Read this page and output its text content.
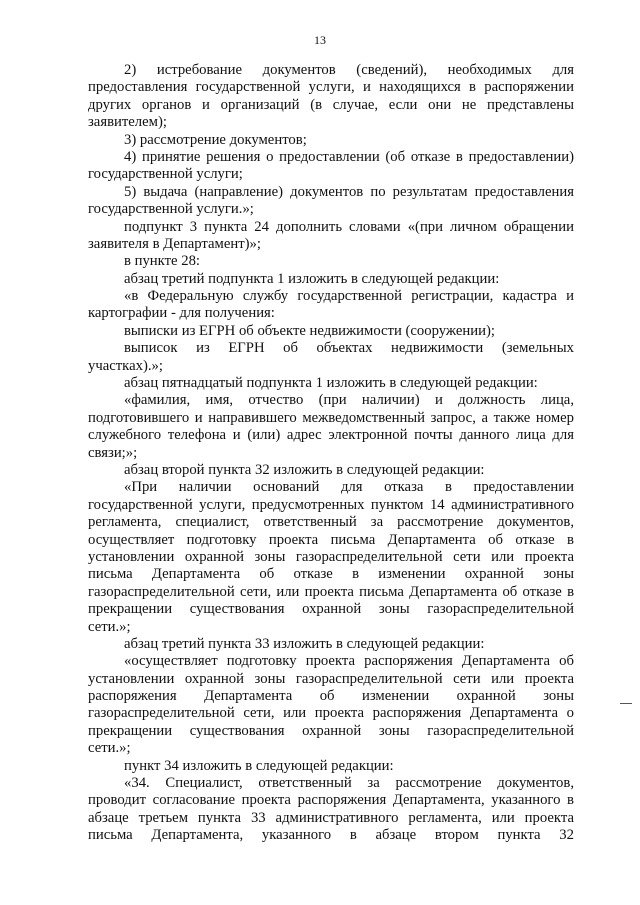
13
2) истребование документов (сведений), необходимых для
предоставления государственной услуги, и находящихся в распоряжении
других органов и организаций (в случае, если они не представлены
заявителем);
3) рассмотрение документов;
4) принятие решения о предоставлении (об отказе в предоставлении)
государственной услуги;
5) выдача (направление) документов по результатам предоставления
государственной услуги.»;
подпункт 3 пункта 24 дополнить словами «(при личном обращении
заявителя в Департамент)»;
в пункте 28:
абзац третий подпункта 1 изложить в следующей редакции:
«в Федеральную службу государственной регистрации, кадастра и
картографии - для получения:
выписки из ЕГРН об объекте недвижимости (сооружении);
выписок из ЕГРН об объектах недвижимости (земельных
участках).»;
абзац пятнадцатый подпункта 1 изложить в следующей редакции:
«фамилия, имя, отчество (при наличии) и должность лица,
подготовившего и направившего межведомственный запрос, а также номер
служебного телефона и (или) адрес электронной почты данного лица для
связи;»;
абзац второй пункта 32 изложить в следующей редакции:
«При наличии оснований для отказа в предоставлении
государственной услуги, предусмотренных пунктом 14 административного
регламента, специалист, ответственный за рассмотрение документов,
осуществляет подготовку проекта письма Департамента об отказе в
установлении охранной зоны газораспределительной сети или проекта
письма Департамента об отказе в изменении охранной зоны
газораспределительной сети, или проекта письма Департамента об отказе в
прекращении существования охранной зоны газораспределительной
сети.»;
абзац третий пункта 33 изложить в следующей редакции:
«осуществляет подготовку проекта распоряжения Департамента об
установлении охранной зоны газораспределительной сети или проекта
распоряжения Департамента об изменении охранной зоны
газораспределительной сети, или проекта распоряжения Департамента о
прекращении существования охранной зоны газораспределительной
сети.»;
пункт 34 изложить в следующей редакции:
«34. Специалист, ответственный за рассмотрение документов,
проводит согласование проекта распоряжения Департамента, указанного в
абзаце третьем пункта 33 административного регламента, или проекта
письма Департамента, указанного в абзаце втором пункта 32
